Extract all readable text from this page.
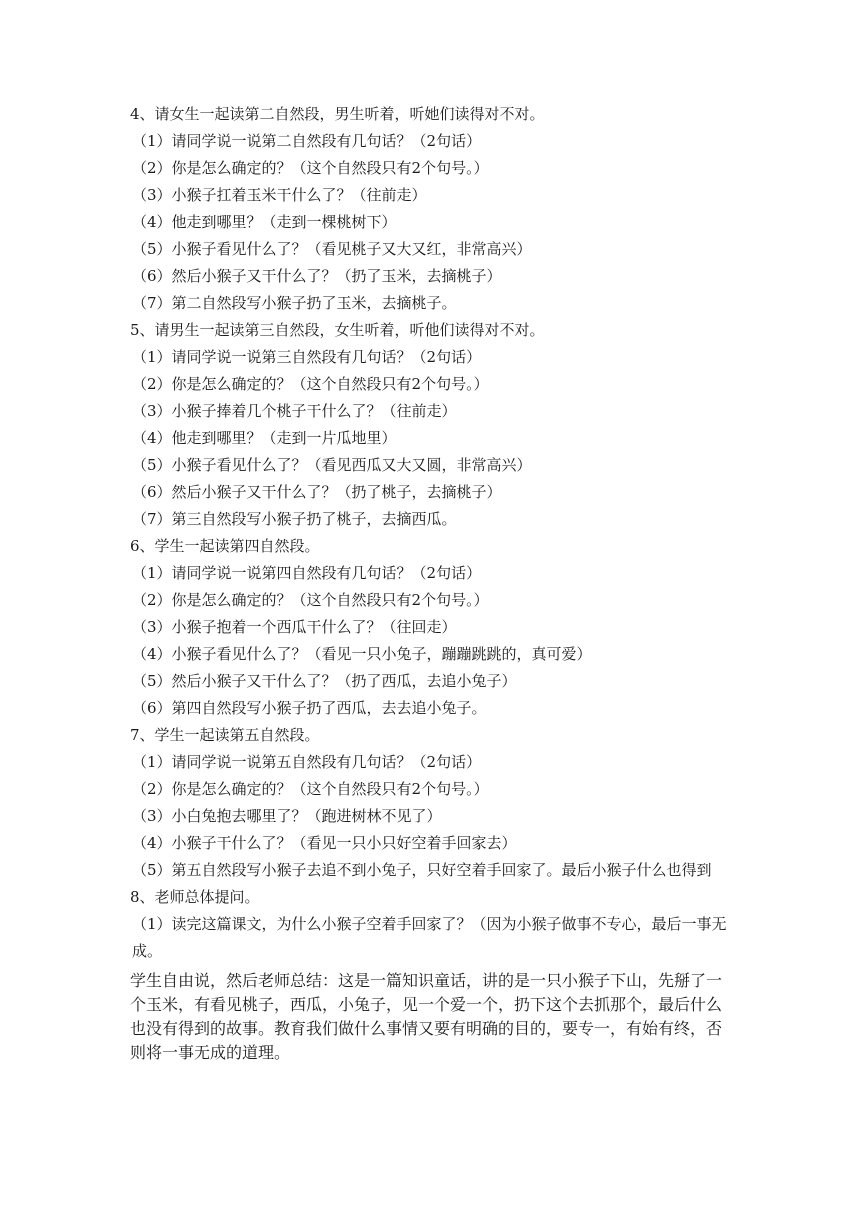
4、请女生一起读第二自然段，男生听着，听她们读得对不对。
（1）请同学说一说第二自然段有几句话？（2句话）
（2）你是怎么确定的？（这个自然段只有2个句号。）
（3）小猴子扛着玉米干什么了？（往前走）
（4）他走到哪里？（走到一棵桃树下）
（5）小猴子看见什么了？（看见桃子又大又红，非常高兴）
（6）然后小猴子又干什么了？（扔了玉米，去摘桃子）
（7）第二自然段写小猴子扔了玉米，去摘桃子。
5、请男生一起读第三自然段，女生听着，听他们读得对不对。
（1）请同学说一说第三自然段有几句话？（2句话）
（2）你是怎么确定的？（这个自然段只有2个句号。）
（3）小猴子捧着几个桃子干什么了？（往前走）
（4）他走到哪里？（走到一片瓜地里）
（5）小猴子看见什么了？（看见西瓜又大又圆，非常高兴）
（6）然后小猴子又干什么了？（扔了桃子，去摘桃子）
（7）第三自然段写小猴子扔了桃子，去摘西瓜。
6、学生一起读第四自然段。
（1）请同学说一说第四自然段有几句话？（2句话）
（2）你是怎么确定的？（这个自然段只有2个句号。）
（3）小猴子抱着一个西瓜干什么了？（往回走）
（4）小猴子看见什么了？（看见一只小兔子，蹦蹦跳跳的，真可爱）
（5）然后小猴子又干什么了？（扔了西瓜，去追小兔子）
（6）第四自然段写小猴子扔了西瓜，去去追小兔子。
7、学生一起读第五自然段。
（1）请同学说一说第五自然段有几句话？（2句话）
（2）你是怎么确定的？（这个自然段只有2个句号。）
（3）小白兔抱去哪里了？（跑进树林不见了）
（4）小猴子干什么了？（看见一只小只好空着手回家去）
（5）第五自然段写小猴子去追不到小兔子，只好空着手回家了。最后小猴子什么也得到
8、老师总体提问。
（1）读完这篇课文，为什么小猴子空着手回家了？（因为小猴子做事不专心，最后一事无成。
学生自由说，然后老师总结：这是一篇知识童话，讲的是一只小猴子下山，先掰了一个玉米，有看见桃子，西瓜，小兔子，见一个爱一个，扔下这个去抓那个，最后什么也没有得到的故事。教育我们做什么事情又要有明确的目的，要专一，有始有终，否则将一事无成的道理。
